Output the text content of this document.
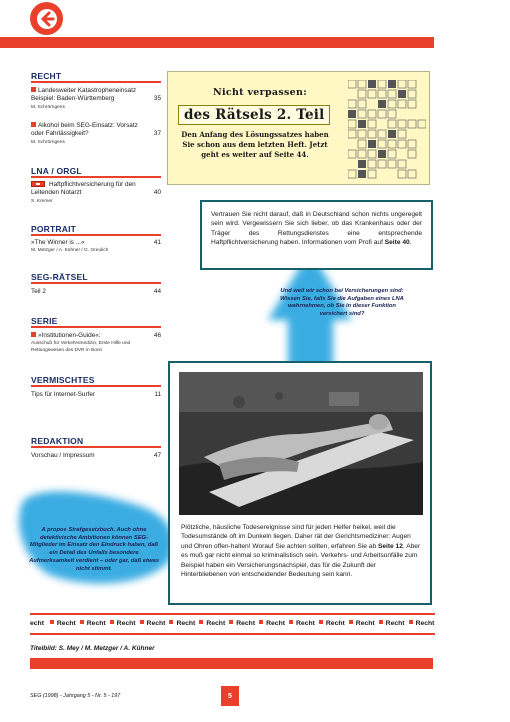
RECHT
Landesweiter Katastropheneinsatz Beispiel: Baden-Württemberg	35
M. Schrörngens
Alkohol beim SEG-Einsatz: Vorsatz oder Fahrlässigkeit?	37
M. Schrörngens
LNA / ORGL
Haftpflichtversicherung für den Leitenden Notarzt	40
S. Kremer
PORTRAIT
»The Winner is ...«	41
M. Metzger / A. Kühner / G. Greulich
SEG-RÄTSEL
Teil 2	44
SERIE
»Institutionen-Guide«:	46
Ausschuß für Verkehrsmedizin, Erste Hilfe und Rettungswesen des DVR in Bonn
VERMISCHTES
Tips für Internet-Surfer	11
REDAKTION
Vorschau / Impressum	47
Nicht verpassen:
des Rätsels 2. Teil
Den Anfang des Lösungssatzes haben Sie schon aus dem letzten Heft. Jetzt geht es weiter auf Seite 44.
Vertrauen Sie nicht darauf, daß in Deutschland schon nichts ungeregelt sein wird. Vergewissern Sie sich lieber, ob das Krankenhaus oder der Träger des Rettungsdienstes eine entsprechende Haftpflichtversicherung haben. Informationen vom Profi auf Seite 40.
Und weil wir schon bei Versicherungen sind: Wissen Sie, falls Sie die Aufgaben eines LNA wahrnehmen, ob Sie in dieser Funktion versichert sind?
Plötzliche, häusliche Todesereignisse sind für jeden Helfer heikel, weil die Todesumstände oft im Dunkeln liegen. Daher rät der Gerichtsmediziner: Augen und Ohren offen-halten! Worauf Sie achten sollten, erfahren Sie ab Seite 12. Aber es muß gar nicht einmal so kriminalistisch sein. Verkehrs- und Arbeitsunfälle zum Beispiel haben ein Versicherungsnachspiel, das für die Zukunft der Hinterbliebenen von entscheidender Bedeutung sein kann.
A propos Strafgesetzbuch. Auch ohne detektivische Ambitionen können SEG-Mitglieder im Einsatz den Eindruck haben, daß ein Detail des Unfalls besondere Aufmerksamkeit verdient – oder gar, daß etwas nicht stimmt.
echt Recht Recht Recht Recht Recht Recht Recht Recht Recht Recht Recht Recht Recht
Titelbild: S. Mey / M. Metzger / A. Kühner
SEG (1998) - Jahrgang 5 - Nr. 5 - 197	5
